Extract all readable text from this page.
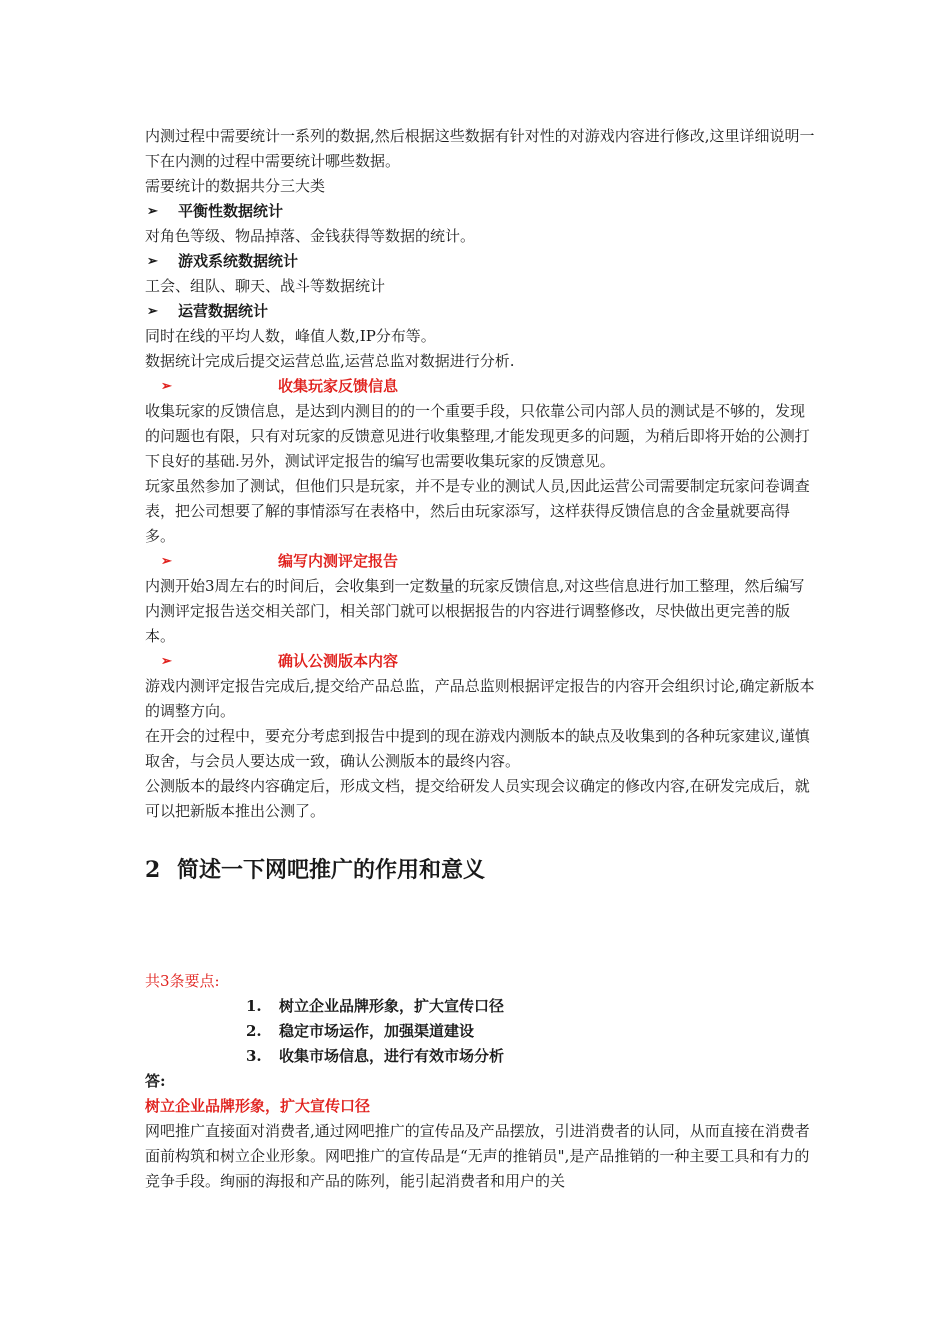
内测过程中需要统计一系列的数据,然后根据这些数据有针对性的对游戏内容进行修改,这里详细说明一下在内测的过程中需要统计哪些数据。

需要统计的数据共分三大类

➢ 平衡性数据统计

对角色等级、物品掉落、金钱获得等数据的统计。

➢ 游戏系统数据统计

工会、组队、聊天、战斗等数据统计

➢ 运营数据统计

同时在线的平均人数，峰值人数,IP分布等。

数据统计完成后提交运营总监,运营总监对数据进行分析.

➢	收集玩家反馈信息

收集玩家的反馈信息，是达到内测目的的一个重要手段，只依靠公司内部人员的测试是不够的，发现的问题也有限，只有对玩家的反馈意见进行收集整理,才能发现更多的问题，为稍后即将开始的公测打下良好的基础.另外，测试评定报告的编写也需要收集玩家的反馈意见。

玩家虽然参加了测试，但他们只是玩家，并不是专业的测试人员,因此运营公司需要制定玩家问卷调查表，把公司想要了解的事情添写在表格中，然后由玩家添写，这样获得反馈信息的含金量就要高得多。

➢	编写内测评定报告

内测开始3周左右的时间后，会收集到一定数量的玩家反馈信息,对这些信息进行加工整理，然后编写内测评定报告送交相关部门，相关部门就可以根据报告的内容进行调整修改，尽快做出更完善的版本。

➢	确认公测版本内容

游戏内测评定报告完成后,提交给产品总监，产品总监则根据评定报告的内容开会组织讨论,确定新版本的调整方向。

在开会的过程中，要充分考虑到报告中提到的现在游戏内测版本的缺点及收集到的各种玩家建议,谨慎取舍，与会员人要达成一致，确认公测版本的最终内容。

公测版本的最终内容确定后，形成文档，提交给研发人员实现会议确定的修改内容,在研发完成后，就可以把新版本推出公测了。

2 简述一下网吧推广的作用和意义

共3条要点:

1. 树立企业品牌形象，扩大宣传口径
2. 稳定市场运作，加强渠道建设
3. 收集市场信息，进行有效市场分析

答:

树立企业品牌形象，扩大宣传口径

网吧推广直接面对消费者,通过网吧推广的宣传品及产品摆放，引进消费者的认同，从而直接在消费者面前构筑和树立企业形象。网吧推广的宣传品是“无声的推销员",是产品推销的一种主要工具和有力的竞争手段。绚丽的海报和产品的陈列，能引起消费者和用户的关
